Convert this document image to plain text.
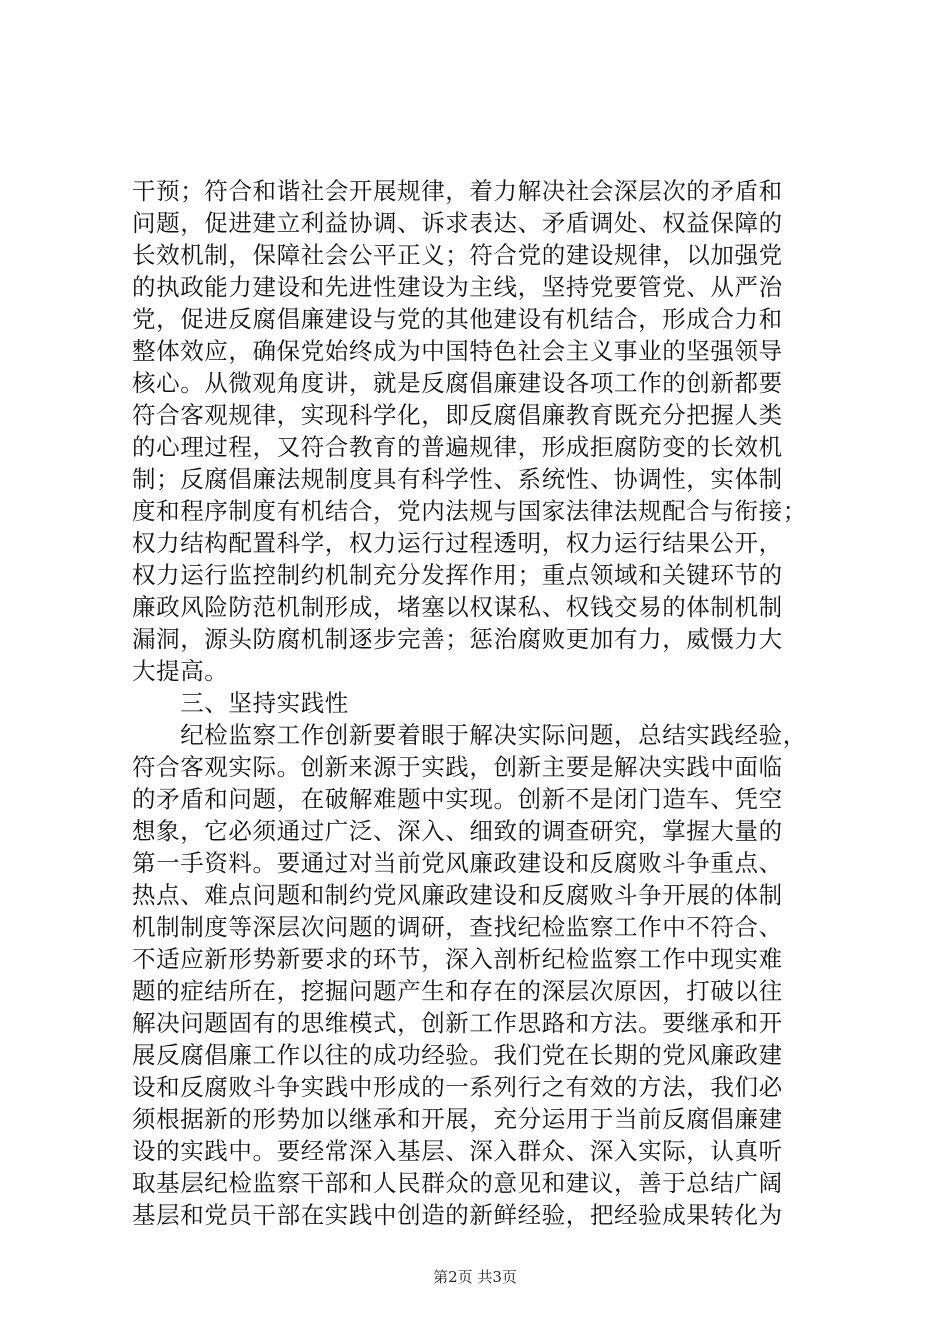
干预；符合和谐社会开展规律，着力解决社会深层次的矛盾和
问题，促进建立利益协调、诉求表达、矛盾调处、权益保障的
长效机制，保障社会公平正义；符合党的建设规律，以加强党
的执政能力建设和先进性建设为主线，坚持党要管党、从严治
党，促进反腐倡廉建设与党的其他建设有机结合，形成合力和
整体效应，确保党始终成为中国特色社会主义事业的坚强领导
核心。从微观角度讲，就是反腐倡廉建设各项工作的创新都要
符合客观规律，实现科学化，即反腐倡廉教育既充分把握人类
的心理过程，又符合教育的普遍规律，形成拒腐防变的长效机
制；反腐倡廉法规制度具有科学性、系统性、协调性，实体制
度和程序制度有机结合，党内法规与国家法律法规配合与衔接；
权力结构配置科学，权力运行过程透明，权力运行结果公开，
权力运行监控制约机制充分发挥作用；重点领域和关键环节的
廉政风险防范机制形成，堵塞以权谋私、权钱交易的体制机制
漏洞，源头防腐机制逐步完善；惩治腐败更加有力，威慑力大
大提高。
　　三、坚持实践性
　　纪检监察工作创新要着眼于解决实际问题，总结实践经验，
符合客观实际。创新来源于实践，创新主要是解决实践中面临
的矛盾和问题，在破解难题中实现。创新不是闭门造车、凭空
想象，它必须通过广泛、深入、细致的调查研究，掌握大量的
第一手资料。要通过对当前党风廉政建设和反腐败斗争重点、
热点、难点问题和制约党风廉政建设和反腐败斗争开展的体制
机制制度等深层次问题的调研，查找纪检监察工作中不符合、
不适应新形势新要求的环节，深入剖析纪检监察工作中现实难
题的症结所在，挖掘问题产生和存在的深层次原因，打破以往
解决问题固有的思维模式，创新工作思路和方法。要继承和开
展反腐倡廉工作以往的成功经验。我们党在长期的党风廉政建
设和反腐败斗争实践中形成的一系列行之有效的方法，我们必
须根据新的形势加以继承和开展，充分运用于当前反腐倡廉建
设的实践中。要经常深入基层、深入群众、深入实际，认真听
取基层纪检监察干部和人民群众的意见和建议，善于总结广阔
基层和党员干部在实践中创造的新鲜经验，把经验成果转化为
第2页 共3页
